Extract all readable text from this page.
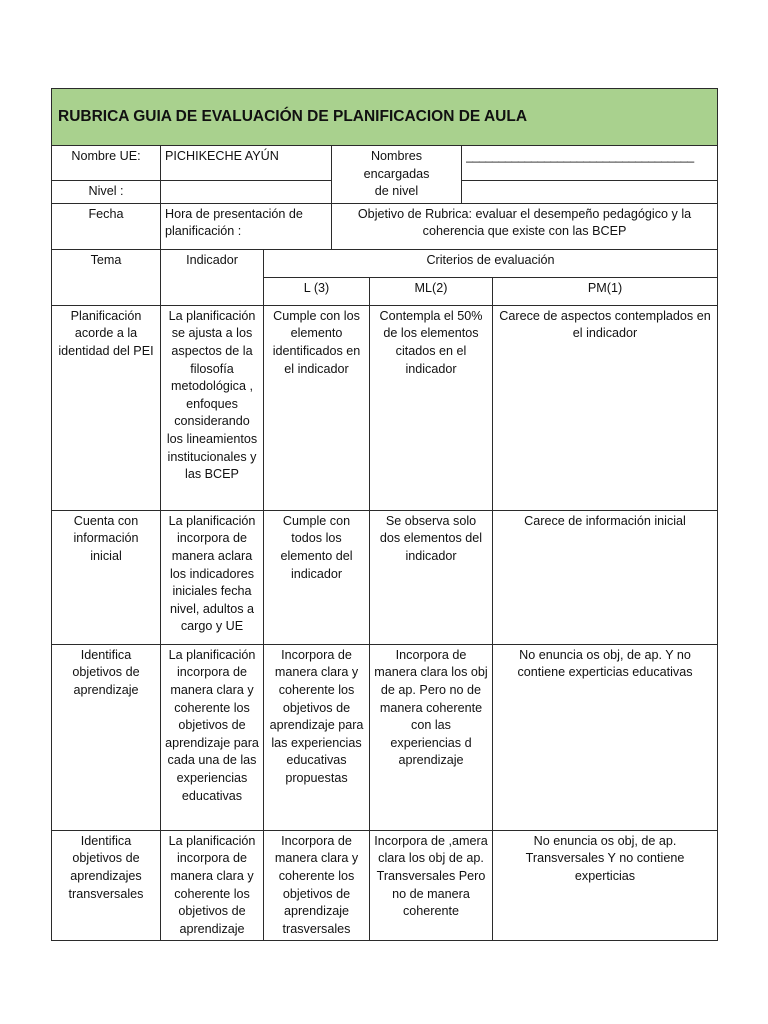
RUBRICA GUIA DE EVALUACIÓN DE PLANIFICACION DE AULA							
Nombre UE:	PICHIKECHE AYÚN		Nombres encargadas de nivel		___________________________________		

Nivel :							
Fecha	Hora de presentación de planificación :		Objetivo de Rubrica: evaluar el desempeño pedagógico y la coherencia que existe con las BCEP				
Tema	Indicador	Criterios de evaluación					
		L (3)		ML(2)		PM(1)	
Planificación acorde a la identidad del PEI	La planificación se ajusta a los aspectos de la filosofía metodológica , enfoques considerando los lineamientos institucionales y las BCEP	Cumple con los elemento identificados en el indicador		Contempla el 50% de los elementos citados en el indicador		Carece de aspectos contemplados en el indicador	
Cuenta con información inicial	La planificación incorpora de manera aclara los indicadores iniciales fecha nivel, adultos a cargo y UE	Cumple con todos los elemento del indicador		Se observa solo dos elementos del indicador		Carece de información inicial	
Identifica objetivos de aprendizaje	La planificación incorpora de manera clara y coherente los objetivos de aprendizaje para cada una de las experiencias educativas	Incorpora de manera clara y coherente los objetivos de aprendizaje para las experiencias educativas propuestas		Incorpora de manera clara los obj de ap. Pero no de manera coherente con las experiencias d aprendizaje		No enuncia os obj, de ap. Y no contiene experticias educativas	
Identifica objetivos de aprendizajes transversales	La planificación incorpora de manera clara y coherente los objetivos de aprendizaje	Incorpora de manera clara y coherente los objetivos de aprendizaje trasversales		Incorpora de ,amera clara los obj de ap. Transversales Pero no de manera coherente		No enuncia os obj, de ap. Transversales Y no contiene experticias	
